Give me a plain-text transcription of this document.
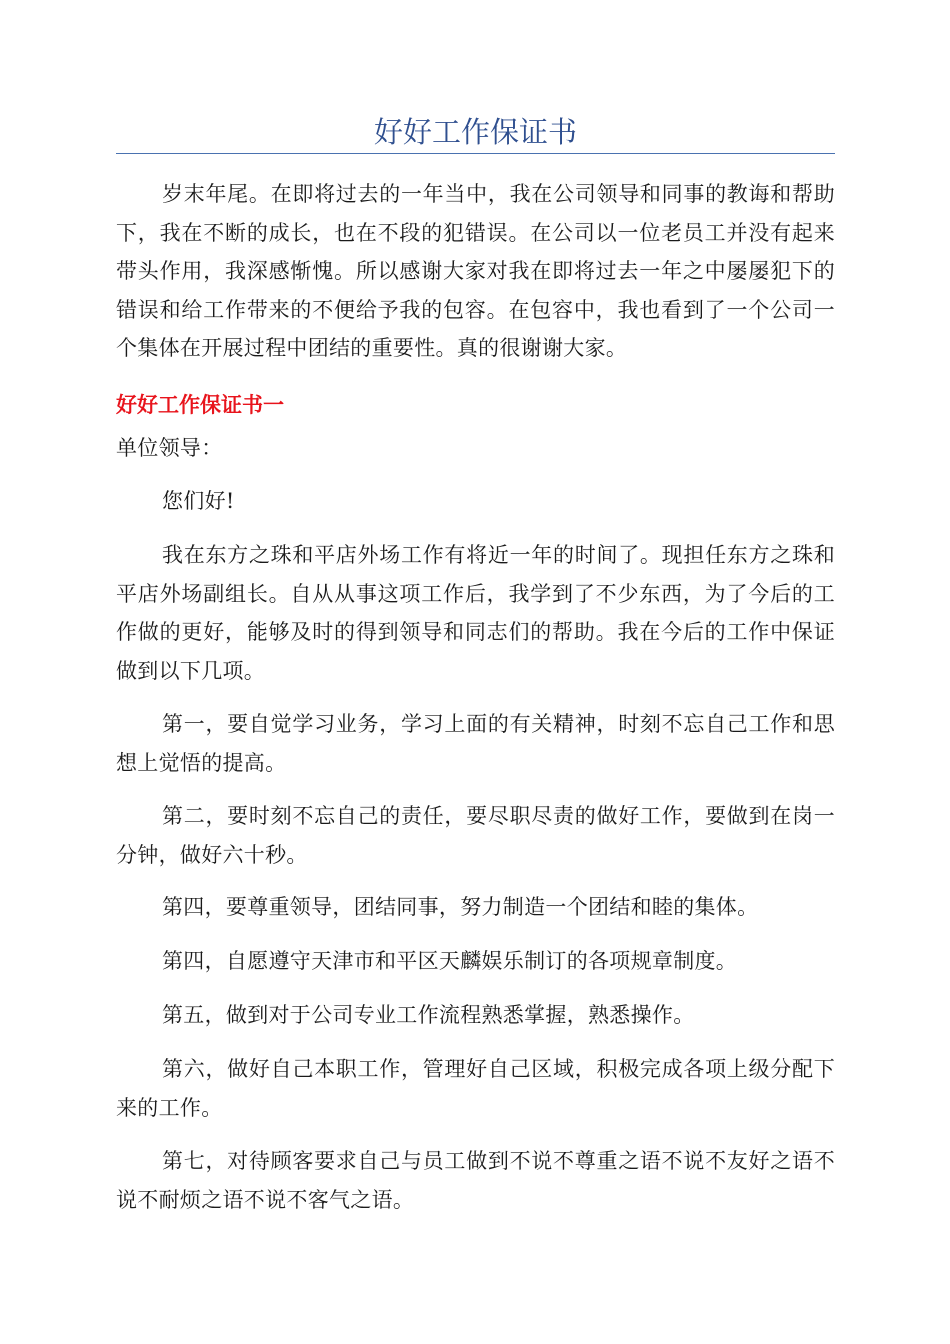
好好工作保证书

岁末年尾。在即将过去的一年当中，我在公司领导和同事的教诲和帮助下，我在不断的成长，也在不段的犯错误。在公司以一位老员工并没有起来带头作用，我深感惭愧。所以感谢大家对我在即将过去一年之中屡屡犯下的错误和给工作带来的不便给予我的包容。在包容中，我也看到了一个公司一个集体在开展过程中团结的重要性。真的很谢谢大家。

好好工作保证书一

单位领导：

您们好!

我在东方之珠和平店外场工作有将近一年的时间了。现担任东方之珠和平店外场副组长。自从从事这项工作后，我学到了不少东西，为了今后的工作做的更好，能够及时的得到领导和同志们的帮助。我在今后的工作中保证做到以下几项。

第一，要自觉学习业务，学习上面的有关精神，时刻不忘自己工作和思想上觉悟的提高。

第二，要时刻不忘自己的责任，要尽职尽责的做好工作，要做到在岗一分钟，做好六十秒。

第四，要尊重领导，团结同事，努力制造一个团结和睦的集体。

第四，自愿遵守天津市和平区天麟娱乐制订的各项规章制度。

第五，做到对于公司专业工作流程熟悉掌握，熟悉操作。

第六，做好自己本职工作，管理好自己区域，积极完成各项上级分配下来的工作。

第七，对待顾客要求自己与员工做到不说不尊重之语不说不友好之语不说不耐烦之语不说不客气之语。
